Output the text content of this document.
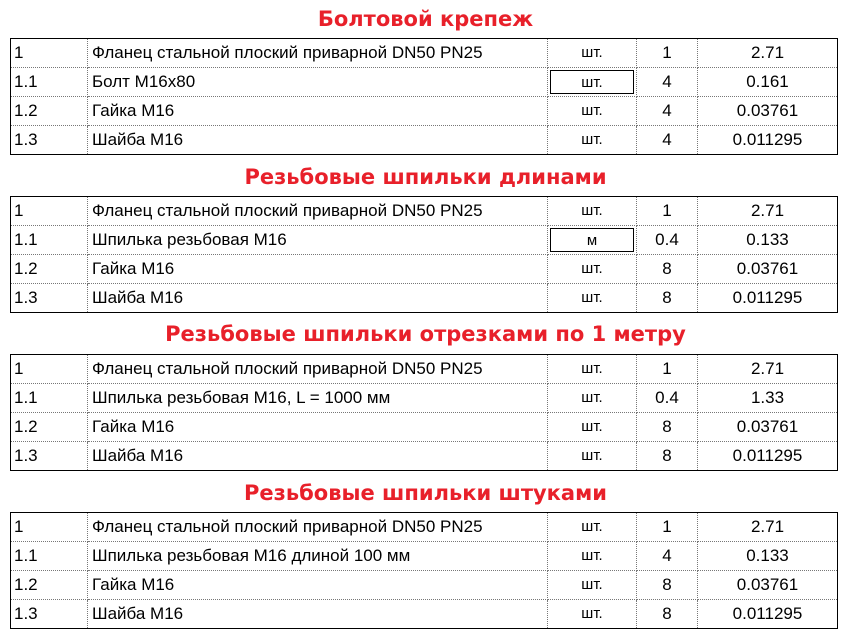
Болтовой крепеж
1	Фланец стальной плоский приварной DN50 PN25	шт.	1	2.71
1.1	Болт М16х80	шт.	4	0.161
1.2	Гайка М16	шт.	4	0.03761
1.3	Шайба М16	шт.	4	0.011295
Резьбовые шпильки длинами
1	Фланец стальной плоский приварной DN50 PN25	шт.	1	2.71
1.1	Шпилька резьбовая М16	м	0.4	0.133
1.2	Гайка М16	шт.	8	0.03761
1.3	Шайба М16	шт.	8	0.011295
Резьбовые шпильки отрезками по 1 метру
1	Фланец стальной плоский приварной DN50 PN25	шт.	1	2.71
1.1	Шпилька резьбовая М16, L = 1000 мм	шт.	0.4	1.33
1.2	Гайка М16	шт.	8	0.03761
1.3	Шайба М16	шт.	8	0.011295
Резьбовые шпильки штуками
1	Фланец стальной плоский приварной DN50 PN25	шт.	1	2.71
1.1	Шпилька резьбовая М16 длиной 100 мм	шт.	4	0.133
1.2	Гайка М16	шт.	8	0.03761
1.3	Шайба М16	шт.	8	0.011295
